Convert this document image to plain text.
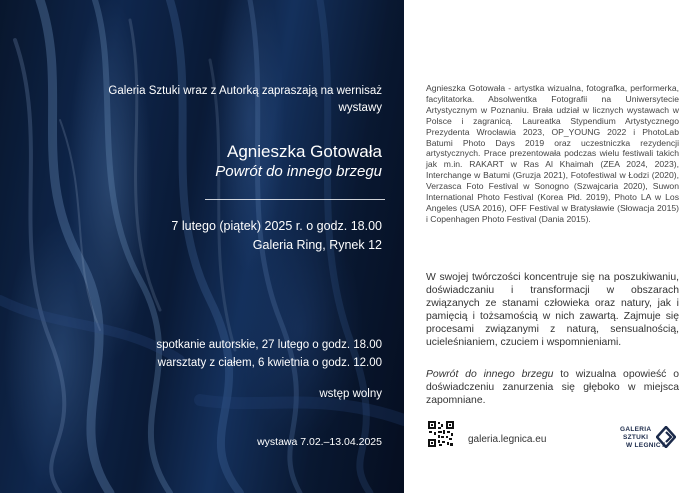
Galeria Sztuki wraz z Autorką zapraszają na wernisaż wystawy
Agnieszka Gotowała
Powrót do innego brzegu
7 lutego (piątek) 2025 r. o godz. 18.00
Galeria Ring, Rynek 12
spotkanie autorskie, 27 lutego o godz. 18.00
warsztaty z ciałem, 6 kwietnia o godz. 12.00
wstęp wolny
wystawa 7.02.–13.04.2025
Agnieszka Gotowała - artystka wizualna, fotografka, performerka, facylitatorka. Absolwentka Fotografii na Uniwersytecie Artystycznym w Poznaniu. Brała udział w licznych wystawach w Polsce i zagranicą. Laureatka Stypendium Artystycznego Prezydenta Wrocławia 2023, OP_YOUNG 2022 i PhotoLab Batumi Photo Days 2019 oraz uczestniczka rezydencji artystycznych. Prace prezentowała podczas wielu festiwali takich jak m.in. RAKART w Ras Al Khaimah (ZEA 2024, 2023), Interchange w Batumi (Gruzja 2021), Fotofestiwal w Łodzi (2020), Verzasca Foto Festival w Sonogno (Szwajcaria 2020), Suwon International Photo Festival (Korea Płd. 2019), Photo LA w Los Angeles (USA 2016), OFF Festival w Bratysławie (Słowacja 2015) i Copenhagen Photo Festival (Dania 2015).
W swojej twórczości koncentruje się na poszukiwaniu, doświadczaniu i transformacji w obszarach związanych ze stanami człowieka oraz natury, jak i pamięcią i tożsamością w nich zawartą. Zajmuje się procesami związanymi z naturą, sensualnością, ucieleśnianiem, czuciem i wspomnieniami.
Powrót do innego brzegu to wizualna opowieść o doświadczeniu zanurzenia się głęboko w miejsca zapomniane.
galeria.legnica.eu
GALERIA
SZTUKI
W LEGNICY
